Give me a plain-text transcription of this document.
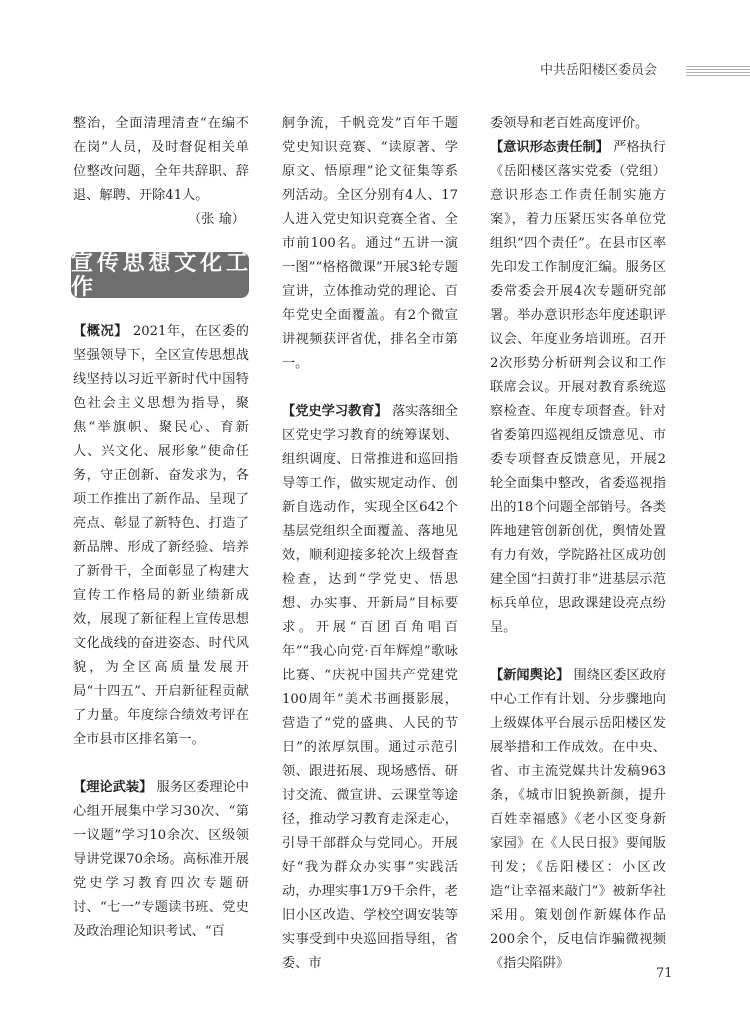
中共岳阳楼区委员会

整治，全面清理清查“在编不在岗”人员，及时督促相关单位整改问题，全年共辞职、辞退、解聘、开除41人。

（张 瑜）

宣传思想文化工作

【概况】 2021年，在区委的坚强领导下，全区宣传思想战线坚持以习近平新时代中国特色社会主义思想为指导，聚焦“举旗帜、聚民心、育新人、兴文化、展形象”使命任务，守正创新、奋发求为，各项工作推出了新作品、呈现了亮点、彰显了新特色、打造了新品牌、形成了新经验、培养了新骨干，全面彰显了构建大宣传工作格局的新业绩新成效，展现了新征程上宣传思想文化战线的奋进姿态、时代风貌，为全区高质量发展开局“十四五”、开启新征程贡献了力量。年度综合绩效考评在全市县市区排名第一。

【理论武装】 服务区委理论中心组开展集中学习30次、“第一议题”学习10余次、区级领导讲党课70余场。高标准开展党史学习教育四次专题研讨、“七一”专题读书班、党史及政治理论知识考试、“百

舸争流，千帆竞发”百年千题党史知识竞赛、“读原著、学原文、悟原理”论文征集等系列活动。全区分别有4人、17人进入党史知识竞赛全省、全市前100名。通过“五讲一演一图”“格格微课”开展3轮专题宣讲，立体推动党的理论、百年党史全面覆盖。有2个微宣讲视频获评省优，排名全市第一。

【党史学习教育】 落实落细全区党史学习教育的统筹谋划、组织调度、日常推进和巡回指导等工作，做实规定动作、创新自选动作，实现全区642个基层党组织全面覆盖、落地见效，顺利迎接多轮次上级督查检查，达到“学党史、悟思想、办实事、开新局”目标要求。开展“百团百角唱百年”“我心向党·百年辉煌”歌咏比赛、“庆祝中国共产党建党100周年”美术书画摄影展，营造了“党的盛典、人民的节日”的浓厚氛围。通过示范引领、跟进拓展、现场感悟、研讨交流、微宣讲、云课堂等途径，推动学习教育走深走心，引导干部群众与党同心。开展好“我为群众办实事”实践活动，办理实事1万9千余件，老旧小区改造、学校空调安装等实事受到中央巡回指导组，省委、市

委领导和老百姓高度评价。

【意识形态责任制】 严格执行《岳阳楼区落实党委（党组）意识形态工作责任制实施方案》，着力压紧压实各单位党组织“四个责任”。在县市区率先印发工作制度汇编。服务区委常委会开展4次专题研究部署。举办意识形态年度述职评议会、年度业务培训班。召开2次形势分析研判会议和工作联席会议。开展对教育系统巡察检查、年度专项督查。针对省委第四巡视组反馈意见、市委专项督查反馈意见，开展2轮全面集中整改，省委巡视指出的18个问题全部销号。各类阵地建管创新创优，舆情处置有力有效，学院路社区成功创建全国“扫黄打非”进基层示范标兵单位，思政课建设亮点纷呈。

【新闻舆论】 围绕区委区政府中心工作有计划、分步骤地向上级媒体平台展示岳阳楼区发展举措和工作成效。在中央、省、市主流党媒共计发稿963条，《城市旧貌换新颜，提升百姓幸福感》《老小区变身新家园》在《人民日报》要闻版刊发；《岳阳楼区：小区改造“让幸福来敲门”》被新华社采用。策划创作新媒体作品200余个，反电信诈骗微视频《指尖陷阱》

71
